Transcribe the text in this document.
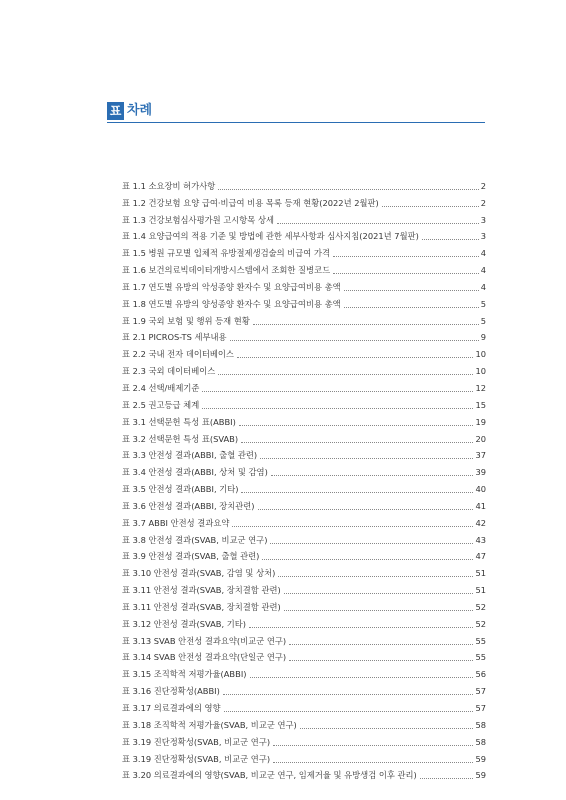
표 차례
표 1.1 소요장비 허가사항	2
표 1.2 건강보험 요양 급여·비급여 비용 목록 등재 현황(2022년 2월판)	2
표 1.3 건강보험심사평가원 고시항목 상세	3
표 1.4 요양급여의 적용 기준 및 방법에 관한 세부사항과 심사지침(2021년 7월판)	3
표 1.5 병원 규모별 입체적 유방절제생검술의 비급여 가격	4
표 1.6 보건의료빅데이터개방시스템에서 조회한 질병코드	4
표 1.7 연도별 유방의 악성종양 환자수 및 요양급여비용 총액	4
표 1.8 연도별 유방의 양성종양 환자수 및 요양급여비용 총액	5
표 1.9 국외 보험 및 행위 등재 현황	5
표 2.1 PICROS-TS 세부내용	9
표 2.2 국내 전자 데이터베이스	10
표 2.3 국외 데이터베이스	10
표 2.4 선택/배제기준	12
표 2.5 권고등급 체계	15
표 3.1 선택문헌 특성 표(ABBI)	19
표 3.2 선택문헌 특성 표(SVAB)	20
표 3.3 안전성 결과(ABBI, 출혈 관련)	37
표 3.4 안전성 결과(ABBI, 상처 및 감염)	39
표 3.5 안전성 결과(ABBI, 기타)	40
표 3.6 안전성 결과(ABBI, 장치관련)	41
표 3.7 ABBI 안전성 결과요약	42
표 3.8 안전성 결과(SVAB, 비교군 연구)	43
표 3.9 안전성 결과(SVAB, 출혈 관련)	47
표 3.10 안전성 결과(SVAB, 감염 및 상처)	51
표 3.11 안전성 결과(SVAB, 장치결함 관련)	51
표 3.11 안전성 결과(SVAB, 장치결함 관련)	52
표 3.12 안전성 결과(SVAB, 기타)	52
표 3.13 SVAB 안전성 결과요약(비교군 연구)	55
표 3.14 SVAB 안전성 결과요약(단일군 연구)	55
표 3.15 조직학적 저평가율(ABBI)	56
표 3.16 진단정확성(ABBI)	57
표 3.17 의료결과에의 영향	57
표 3.18 조직학적 저평가율(SVAB, 비교군 연구)	58
표 3.19 진단정확성(SVAB, 비교군 연구)	58
표 3.19 진단정확성(SVAB, 비교군 연구)	59
표 3.20 의료결과에의 영향(SVAB, 비교군 연구, 임제거율 및 유방생검 이후 관리)	59
